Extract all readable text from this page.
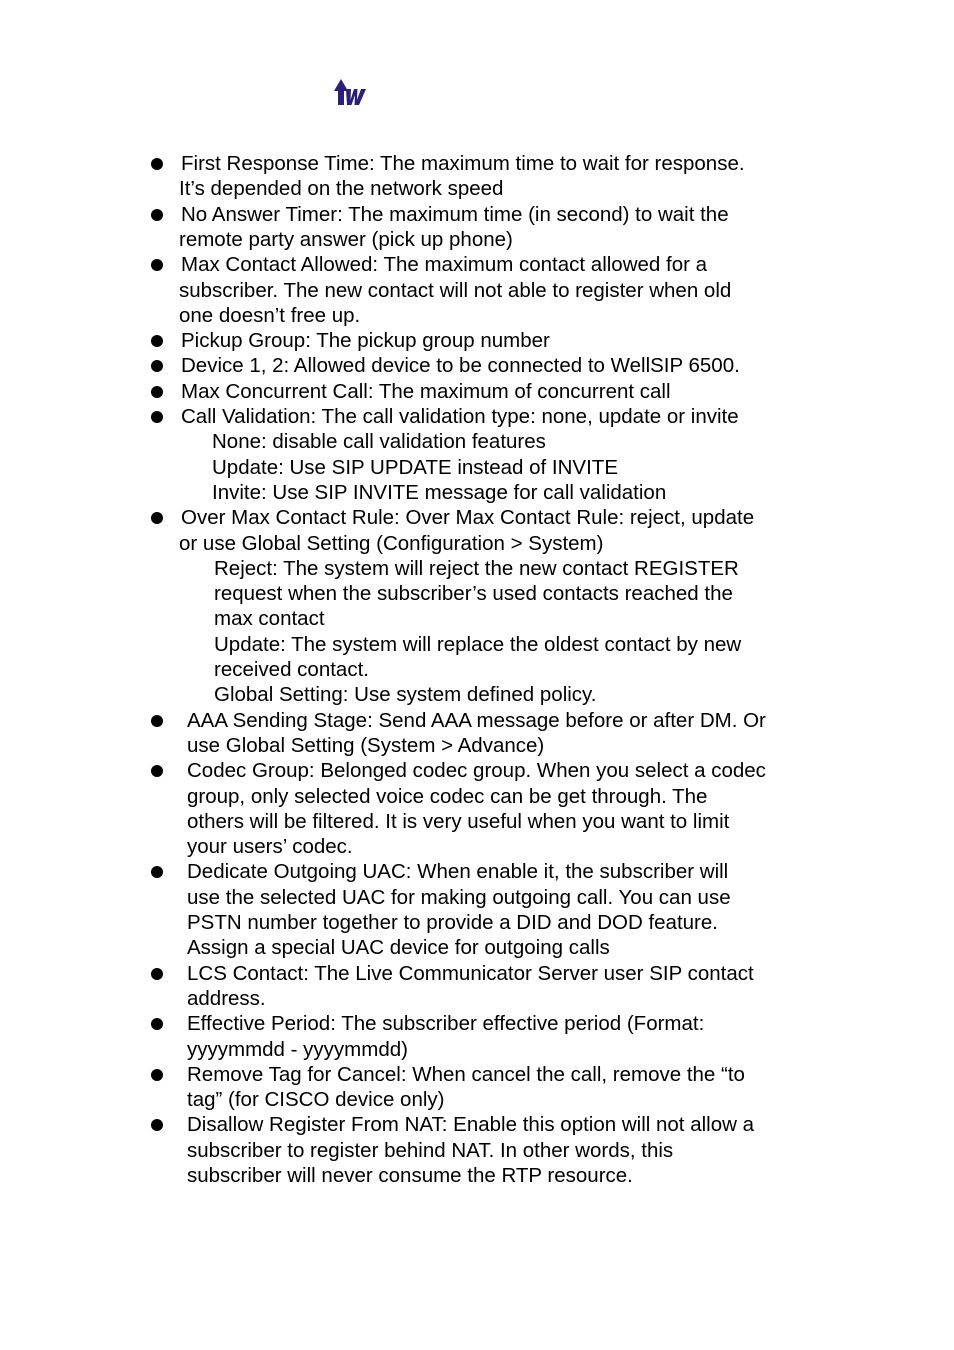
First Response Time: The maximum time to wait for response.
It’s depended on the network speed
No Answer Timer: The maximum time (in second) to wait the
remote party answer (pick up phone)
Max Contact Allowed: The maximum contact allowed for a
subscriber. The new contact will not able to register when old
one doesn’t free up.
Pickup Group: The pickup group number
Device 1, 2: Allowed device to be connected to WellSIP 6500.
Max Concurrent Call: The maximum of concurrent call
Call Validation: The call validation type: none, update or invite
None: disable call validation features
Update: Use SIP UPDATE instead of INVITE
Invite: Use SIP INVITE message for call validation
Over Max Contact Rule: Over Max Contact Rule: reject, update
or use Global Setting (Configuration > System)
Reject: The system will reject the new contact REGISTER
request when the subscriber’s used contacts reached the
max contact
Update: The system will replace the oldest contact by new
received contact.
Global Setting: Use system defined policy.
AAA Sending Stage: Send AAA message before or after DM. Or
use Global Setting (System > Advance)
Codec Group: Belonged codec group. When you select a codec
group, only selected voice codec can be get through. The
others will be filtered. It is very useful when you want to limit
your users’ codec.
Dedicate Outgoing UAC: When enable it, the subscriber will
use the selected UAC for making outgoing call. You can use
PSTN number together to provide a DID and DOD feature.
Assign a special UAC device for outgoing calls
LCS Contact: The Live Communicator Server user SIP contact
address.
Effective Period: The subscriber effective period (Format:
yyyymmdd - yyyymmdd)
Remove Tag for Cancel: When cancel the call, remove the “to
tag” (for CISCO device only)
Disallow Register From NAT: Enable this option will not allow a
subscriber to register behind NAT. In other words, this
subscriber will never consume the RTP resource.
